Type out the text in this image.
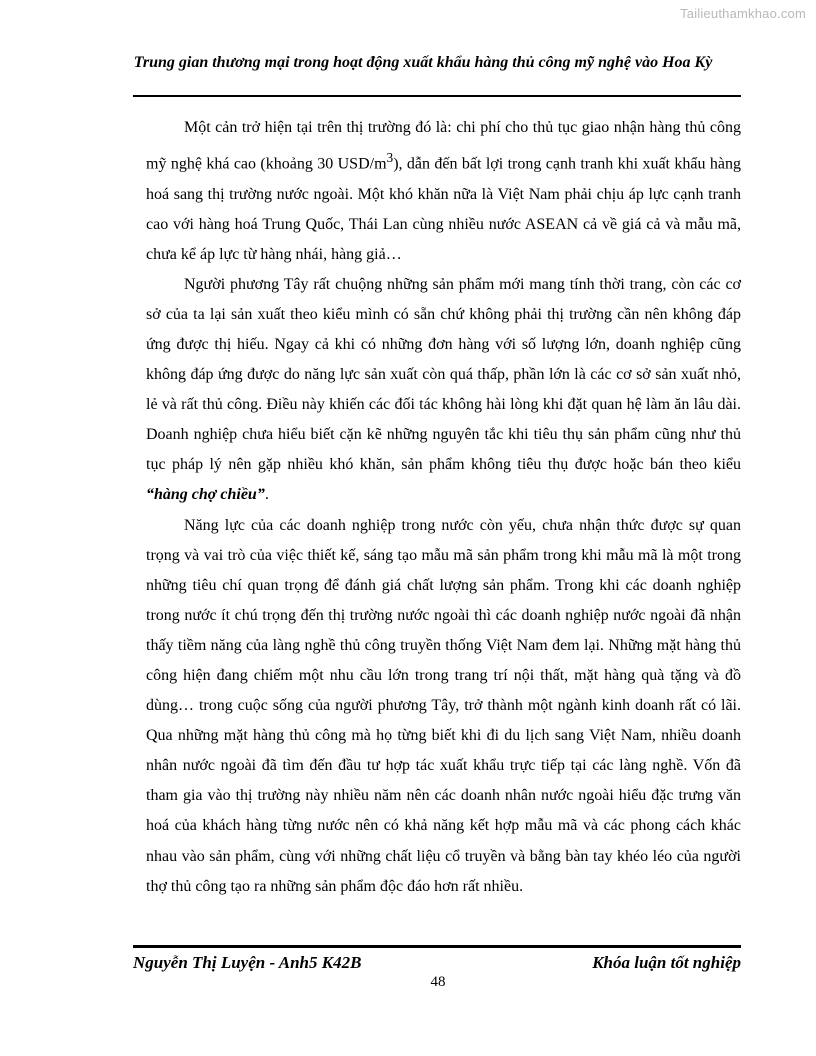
Tailieuthamkhao.com
Trung gian thương mại trong hoạt động xuất khẩu hàng thủ công mỹ nghệ vào Hoa Kỳ

Một cản trở hiện tại trên thị trường đó là: chi phí cho thủ tục giao nhận hàng thủ công mỹ nghệ khá cao (khoảng 30 USD/$m^3$), dẫn đến bất lợi trong cạnh tranh khi xuất khẩu hàng hoá sang thị trường nước ngoài. Một khó khăn nữa là Việt Nam phải chịu áp lực cạnh tranh cao với hàng hoá Trung Quốc, Thái Lan cùng nhiều nước ASEAN cả về giá cả và mẫu mã, chưa kể áp lực từ hàng nhái, hàng giả…

Người phương Tây rất chuộng những sản phẩm mới mang tính thời trang, còn các cơ sở của ta lại sản xuất theo kiểu mình có sẵn chứ không phải thị trường cần nên không đáp ứng được thị hiếu. Ngay cả khi có những đơn hàng với số lượng lớn, doanh nghiệp cũng không đáp ứng được do năng lực sản xuất còn quá thấp, phần lớn là các cơ sở sản xuất nhỏ, lẻ và rất thủ công. Điều này khiến các đối tác không hài lòng khi đặt quan hệ làm ăn lâu dài. Doanh nghiệp chưa hiểu biết cặn kẽ những nguyên tắc khi tiêu thụ sản phẩm cũng như thủ tục pháp lý nên gặp nhiều khó khăn, sản phẩm không tiêu thụ được hoặc bán theo kiểu “hàng chợ chiều”.

Năng lực của các doanh nghiệp trong nước còn yếu, chưa nhận thức được sự quan trọng và vai trò của việc thiết kế, sáng tạo mẫu mã sản phẩm trong khi mẫu mã là một trong những tiêu chí quan trọng để đánh giá chất lượng sản phẩm. Trong khi các doanh nghiệp trong nước ít chú trọng đến thị trường nước ngoài thì các doanh nghiệp nước ngoài đã nhận thấy tiềm năng của làng nghề thủ công truyền thống Việt Nam đem lại. Những mặt hàng thủ công hiện đang chiếm một nhu cầu lớn trong trang trí nội thất, mặt hàng quà tặng và đồ dùng… trong cuộc sống của người phương Tây, trở thành một ngành kinh doanh rất có lãi. Qua những mặt hàng thủ công mà họ từng biết khi đi du lịch sang Việt Nam, nhiều doanh nhân nước ngoài đã tìm đến đầu tư hợp tác xuất khẩu trực tiếp tại các làng nghề. Vốn đã tham gia vào thị trường này nhiều năm nên các doanh nhân nước ngoài hiểu đặc trưng văn hoá của khách hàng từng nước nên có khả năng kết hợp mẫu mã và các phong cách khác nhau vào sản phẩm, cùng với những chất liệu cổ truyền và bằng bàn tay khéo léo của người thợ thủ công tạo ra những sản phẩm độc đáo hơn rất nhiều.

Nguyễn Thị Luyện - Anh5 K42B	Khóa luận tốt nghiệp
48
